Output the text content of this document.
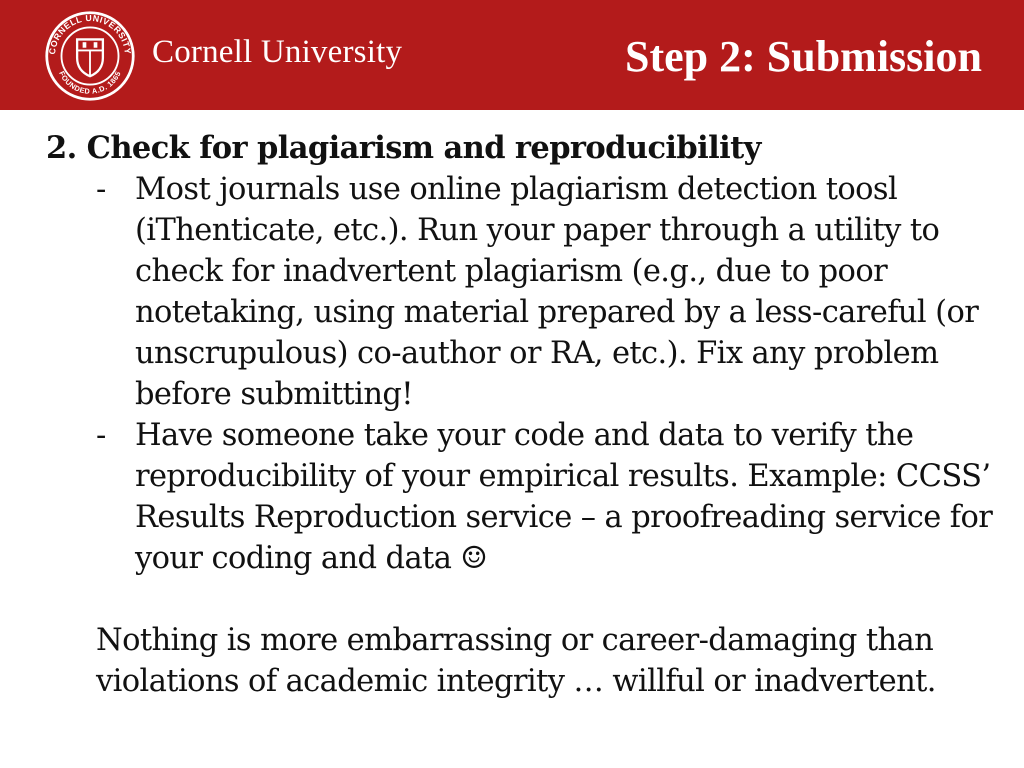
CORNELL UNIVERSITY
FOUNDED A.D. 1865
Cornell University	Step 2: Submission

2. Check for plagiarism and reproducibility

- Most journals use online plagiarism detection toosl (iThenticate, etc.). Run your paper through a utility to check for inadvertent plagiarism (e.g., due to poor notetaking, using material prepared by a less-careful (or unscrupulous) co-author or RA, etc.). Fix any problem before submitting!

- Have someone take your code and data to verify the reproducibility of your empirical results. Example: CCSS’ Results Reproduction service – a proofreading service for your coding and data ☺

Nothing is more embarrassing or career-damaging than violations of academic integrity … willful or inadvertent.
